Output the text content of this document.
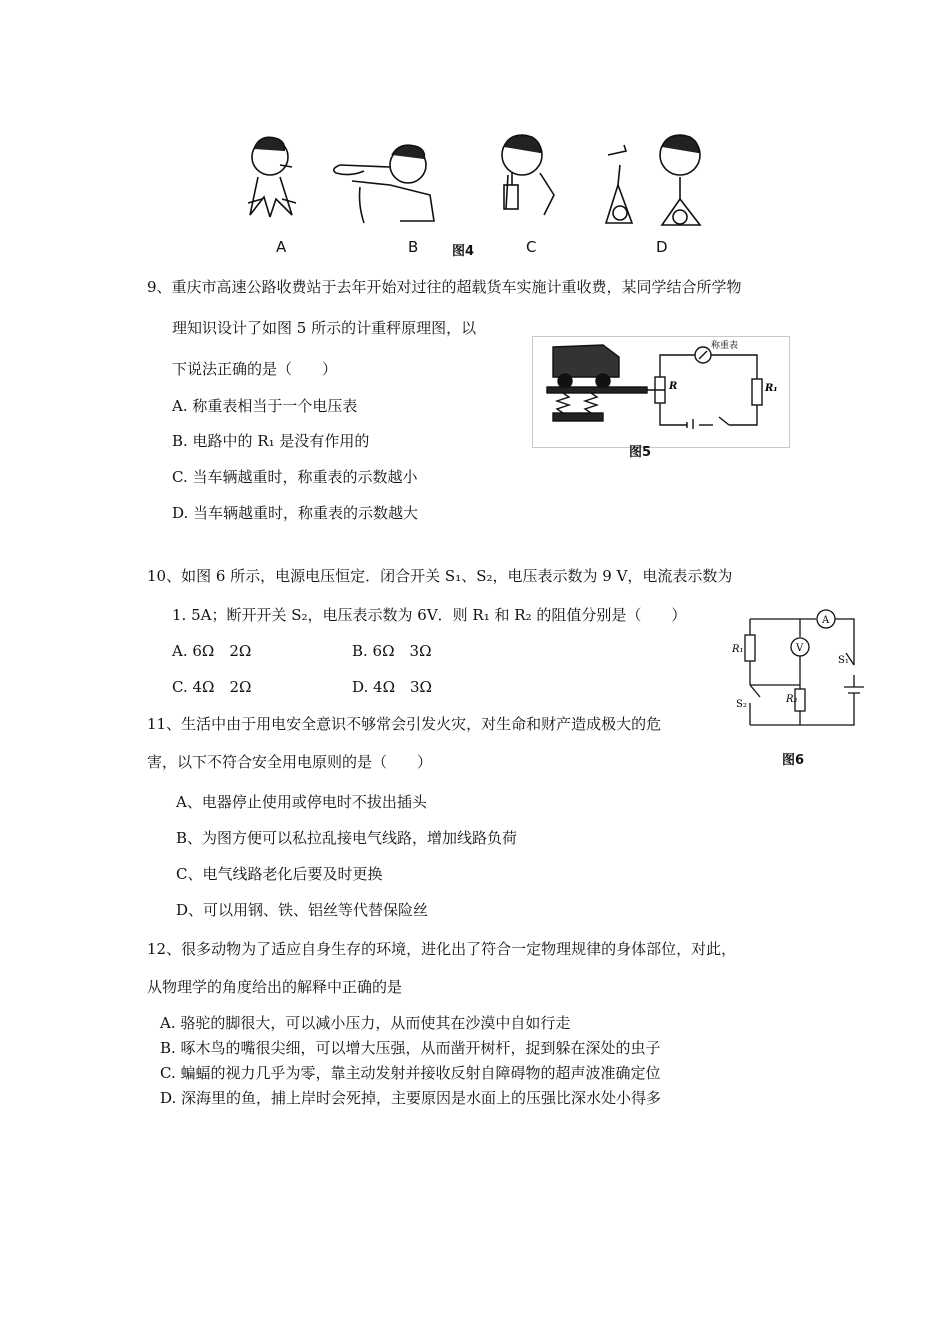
A	B	图4	C	D
9、重庆市高速公路收费站于去年开始对过往的超载货车实施计重收费，某同学结合所学物
理知识设计了如图 5 所示的计重秤原理图，以
下说法正确的是（　　）
A. 称重表相当于一个电压表
B. 电路中的 R₁ 是没有作用的
C. 当车辆越重时，称重表的示数越小
D. 当车辆越重时，称重表的示数越大
称重表
R	R₁
图5
10、如图 6 所示，电源电压恒定．闭合开关 S₁、S₂，电压表示数为 9 V，电流表示数为
1. 5A；断开开关 S₂，电压表示数为 6V．则 R₁ 和 R₂ 的阻值分别是（　　）
A. 6Ω　2Ω	B. 6Ω　3Ω
C. 4Ω　2Ω	D. 4Ω　3Ω
A
V
R₁
R₂
S₁
S₂
图6
11、生活中由于用电安全意识不够常会引发火灾，对生命和财产造成极大的危
害，以下不符合安全用电原则的是（　　）
A、电器停止使用或停电时不拔出插头
B、为图方便可以私拉乱接电气线路，增加线路负荷
C、电气线路老化后要及时更换
D、可以用钢、铁、铝丝等代替保险丝
12、很多动物为了适应自身生存的环境，进化出了符合一定物理规律的身体部位，对此，
从物理学的角度给出的解释中正确的是
A. 骆驼的脚很大，可以减小压力，从而使其在沙漠中自如行走
B. 啄木鸟的嘴很尖细，可以增大压强，从而凿开树杆，捉到躲在深处的虫子
C. 蝙蝠的视力几乎为零，靠主动发射并接收反射自障碍物的超声波准确定位
D. 深海里的鱼，捕上岸时会死掉，主要原因是水面上的压强比深水处小得多
